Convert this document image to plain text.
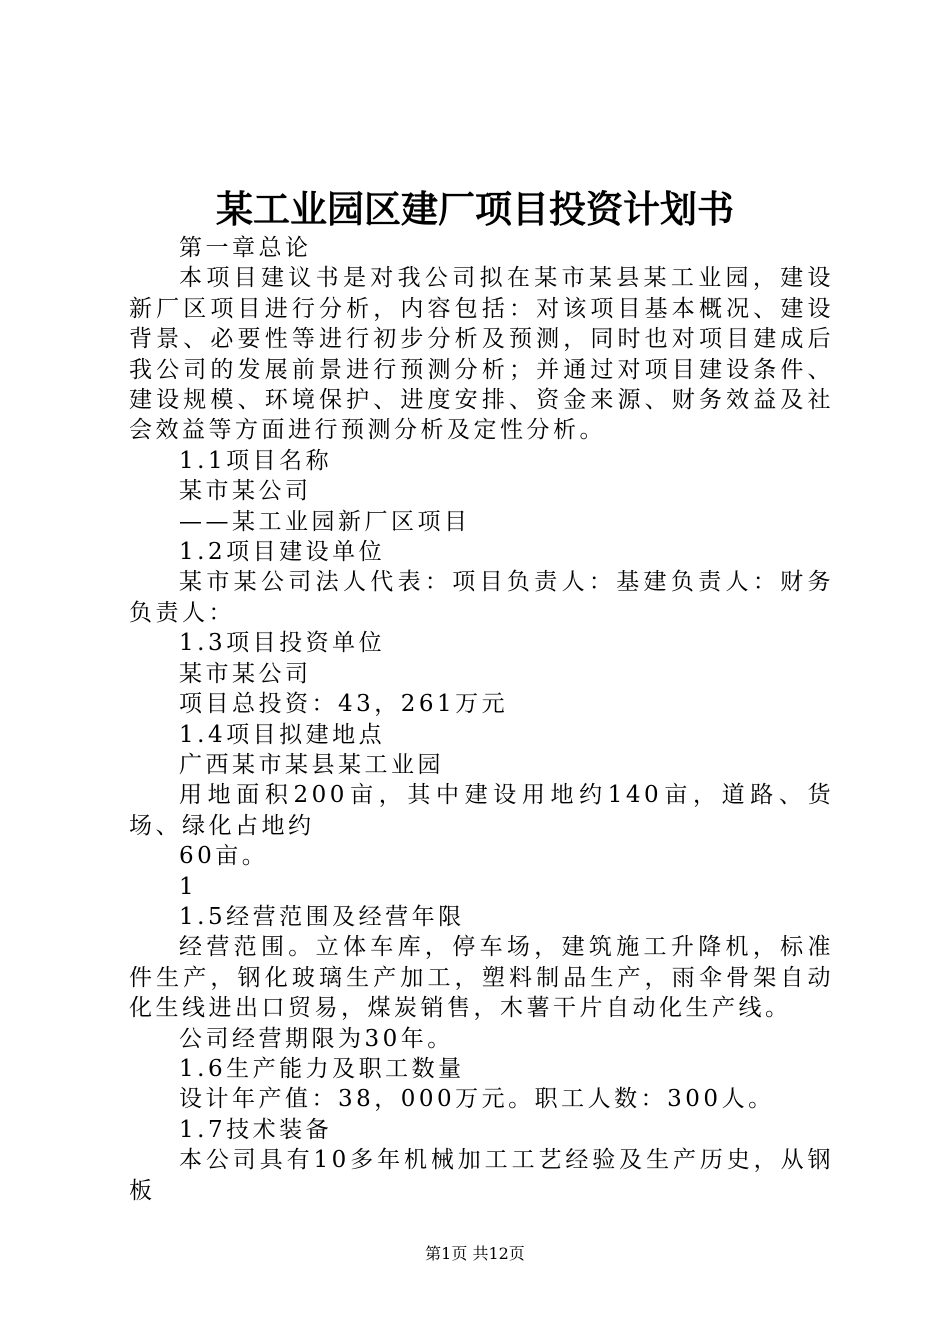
某工业园区建厂项目投资计划书

第一章总论

本项目建议书是对我公司拟在某市某县某工业园，建设新厂区项目进行分析，内容包括：对该项目基本概况、建设背景、必要性等进行初步分析及预测，同时也对项目建成后我公司的发展前景进行预测分析；并通过对项目建设条件、建设规模、环境保护、进度安排、资金来源、财务效益及社会效益等方面进行预测分析及定性分析。

1.1项目名称

某市某公司

——某工业园新厂区项目

1.2项目建设单位

某市某公司法人代表：项目负责人：基建负责人：财务负责人：

1.3项目投资单位

某市某公司

项目总投资：43，261万元

1.4项目拟建地点

广西某市某县某工业园

用地面积200亩，其中建设用地约140亩，道路、货场、绿化占地约

60亩。

1

1.5经营范围及经营年限

经营范围。立体车库，停车场，建筑施工升降机，标准件生产，钢化玻璃生产加工，塑料制品生产，雨伞骨架自动化生线进出口贸易，煤炭销售，木薯干片自动化生产线。

公司经营期限为30年。

1.6生产能力及职工数量

设计年产值：38，000万元。职工人数：300人。

1.7技术装备

本公司具有10多年机械加工工艺经验及生产历史，从钢板

第1页 共12页
